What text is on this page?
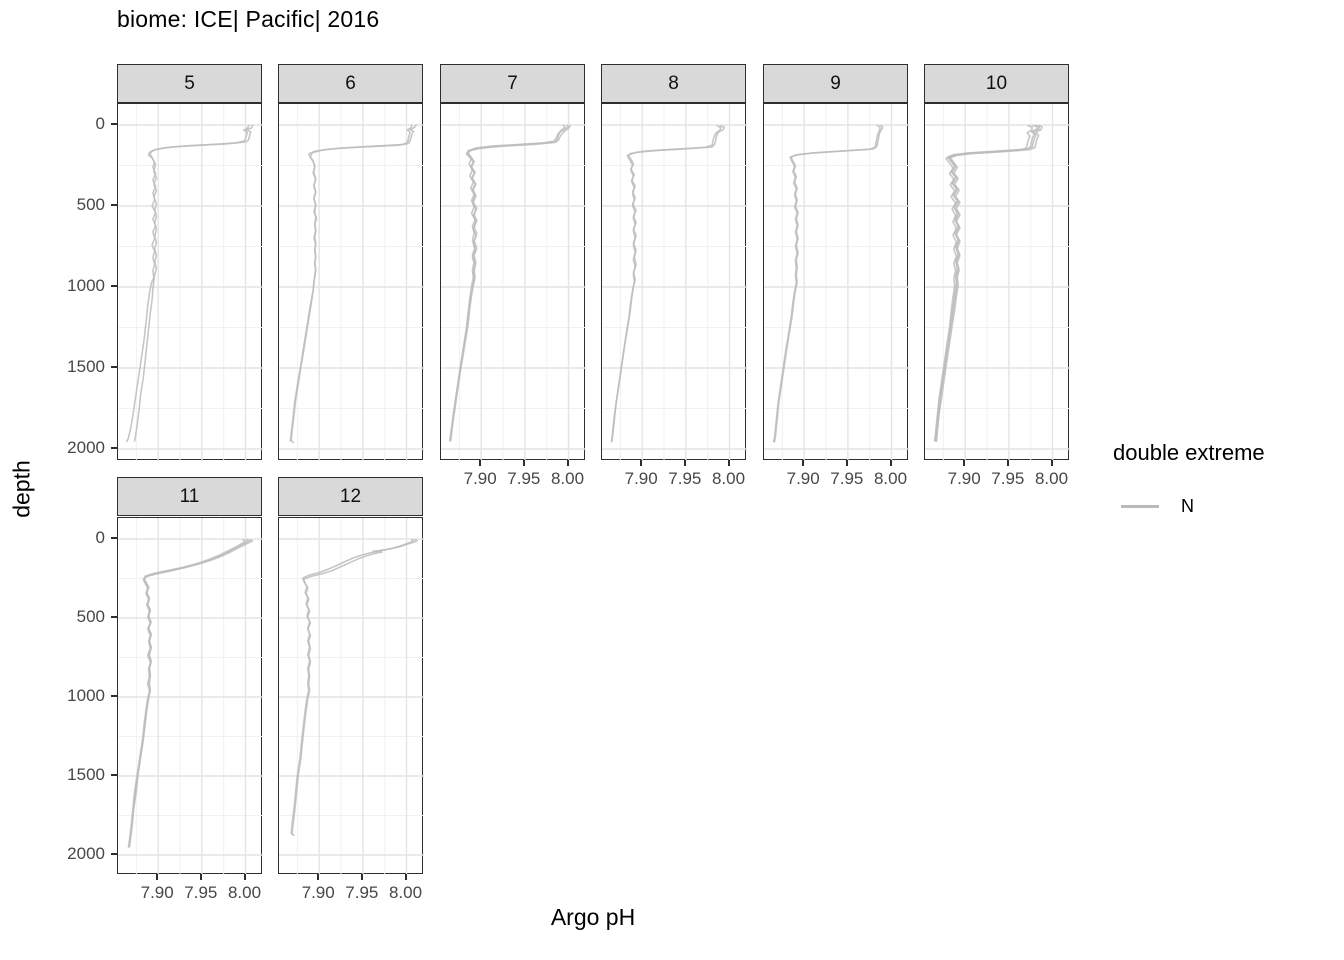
biome: ICE| Pacific| 2016
5	6	7	8	9	10
11	12
Argo pH
depth
double extreme
N
0
500
1000
1500
2000
7.90 7.95 8.00	7.90 7.95 8.00	7.90 7.95 8.00	7.90 7.95 8.00
0
500
1000
1500
2000
7.90 7.95 8.00	7.90 7.95 8.00
